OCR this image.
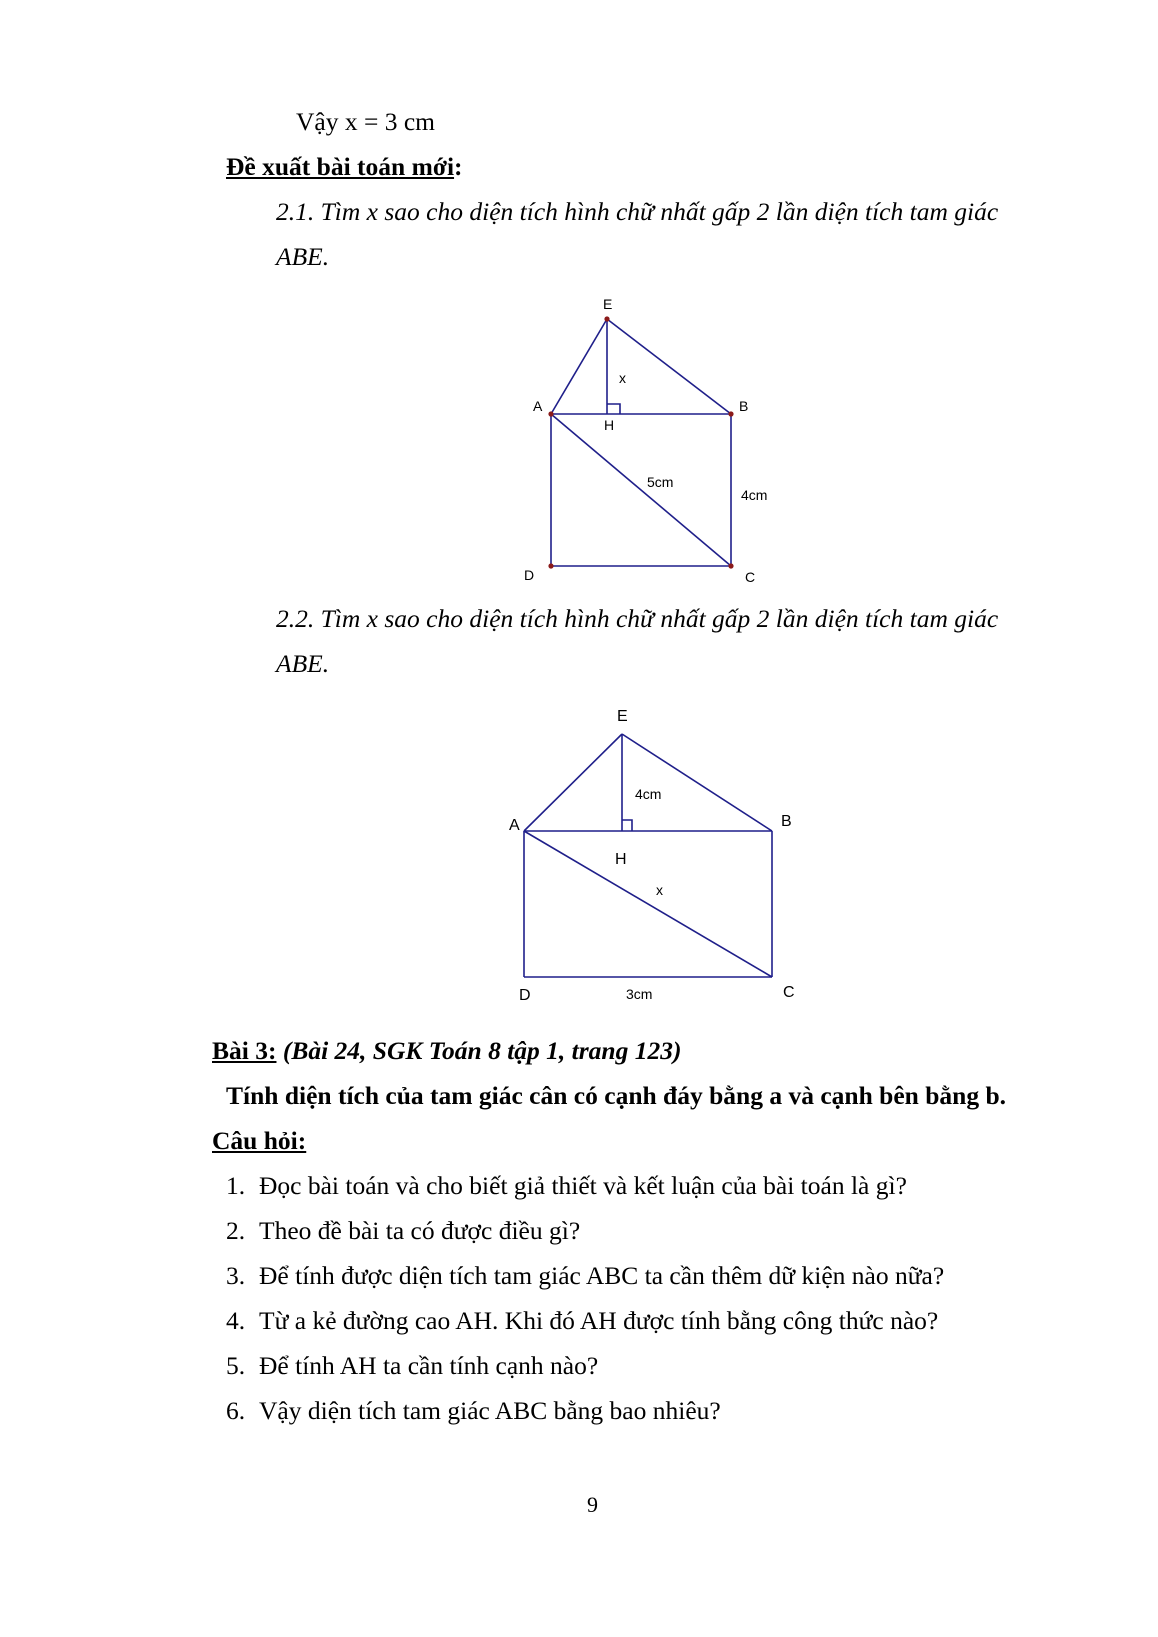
Vậy x = 3 cm
Đề xuất bài toán mới:
2.1. Tìm x sao cho diện tích hình chữ nhất gấp 2 lần diện tích tam giác
ABE.
2.2. Tìm x sao cho diện tích hình chữ nhất gấp 2 lần diện tích tam giác
ABE.
Bài 3: (Bài 24, SGK Toán 8 tập 1, trang 123)
Tính diện tích của tam giác cân có cạnh đáy bằng a và cạnh bên bằng b.
Câu hỏi:
1. Đọc bài toán và cho biết giả thiết và kết luận của bài toán là gì?
2. Theo đề bài ta có được điều gì?
3. Để tính được diện tích tam giác ABC ta cần thêm dữ kiện nào nữa?
4. Từ a kẻ đường cao AH. Khi đó AH được tính bằng công thức nào?
5. Để tính AH ta cần tính cạnh nào?
6. Vậy diện tích tam giác ABC bằng bao nhiêu?
9
E
A	B
H
D	C
x
5cm
4cm
E
A	B
H
D	C
4cm
x
3cm
